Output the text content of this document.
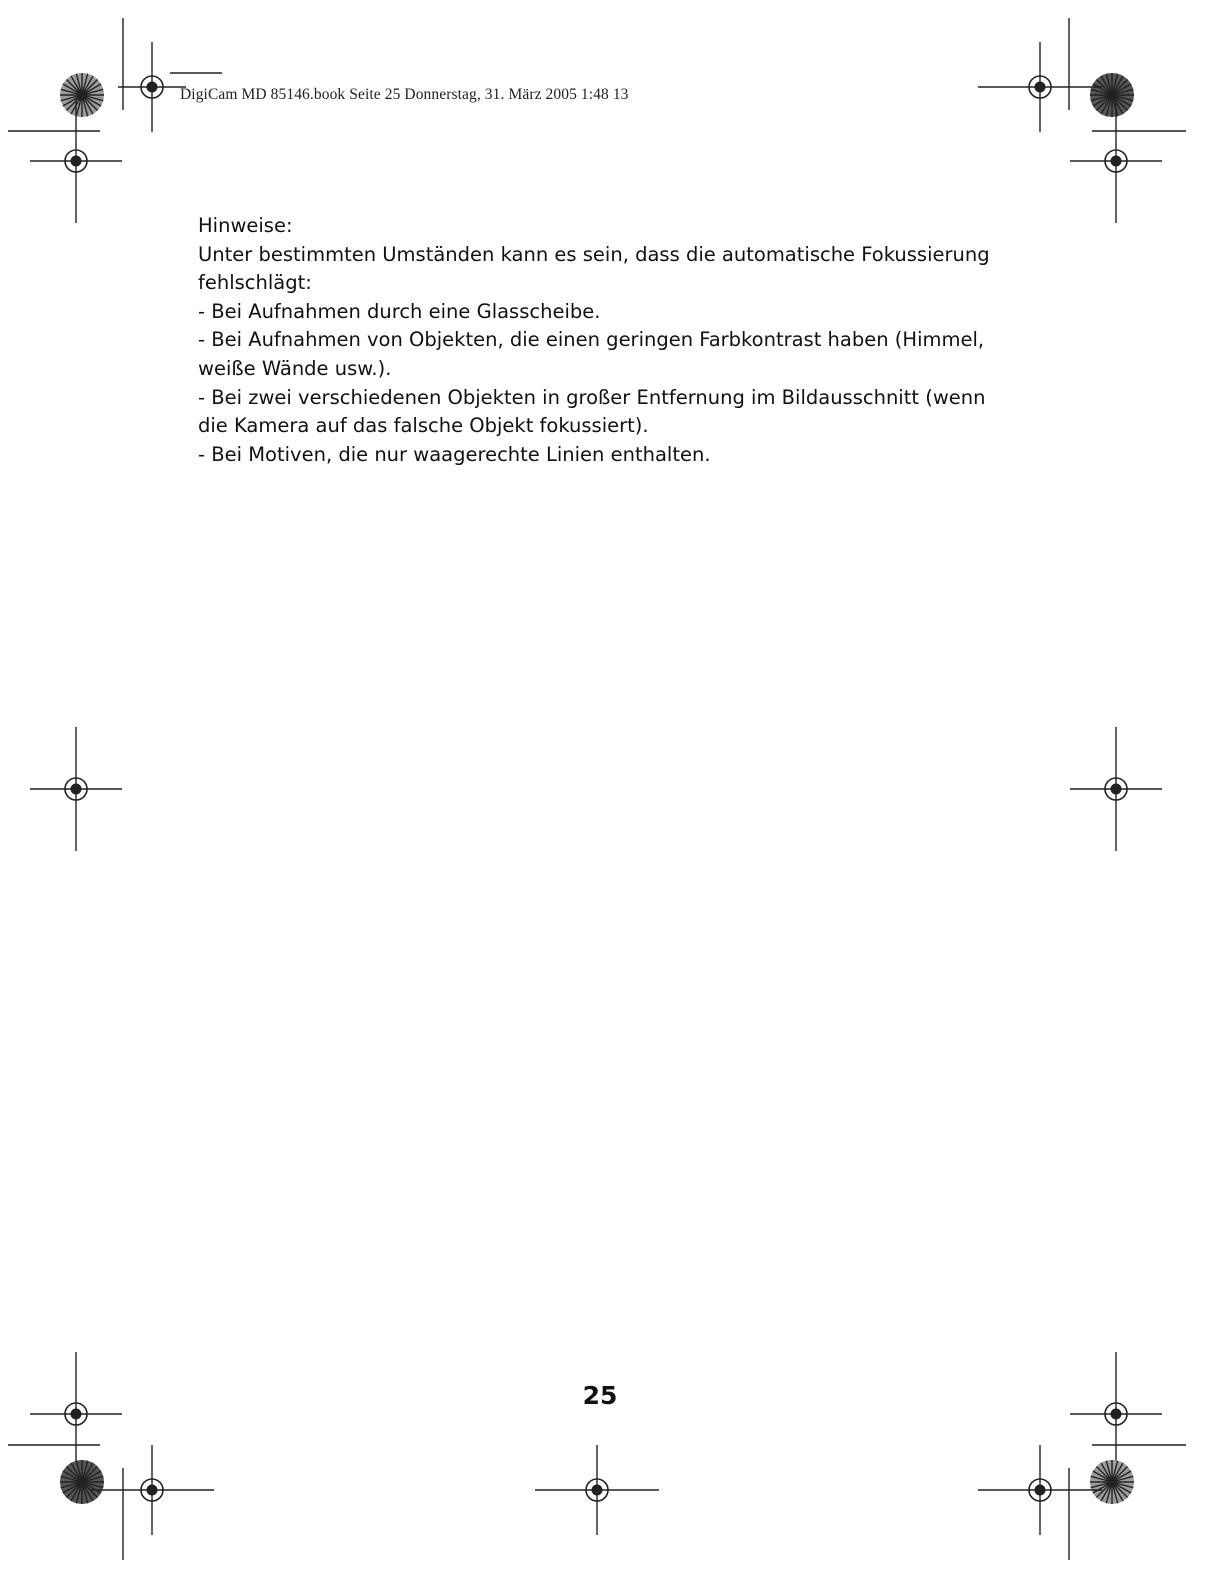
DigiCam MD 85146.book Seite 25 Donnerstag, 31. März 2005 1:48 13

Hinweise:

Unter bestimmten Umständen kann es sein, dass die automatische Fokussierung fehlschlägt:

- Bei Aufnahmen durch eine Glasscheibe.

- Bei Aufnahmen von Objekten, die einen geringen Farbkontrast haben (Himmel, weiße Wände usw.).

- Bei zwei verschiedenen Objekten in großer Entfernung im Bildausschnitt (wenn die Kamera auf das falsche Objekt fokussiert).

- Bei Motiven, die nur waagerechte Linien enthalten.

25
